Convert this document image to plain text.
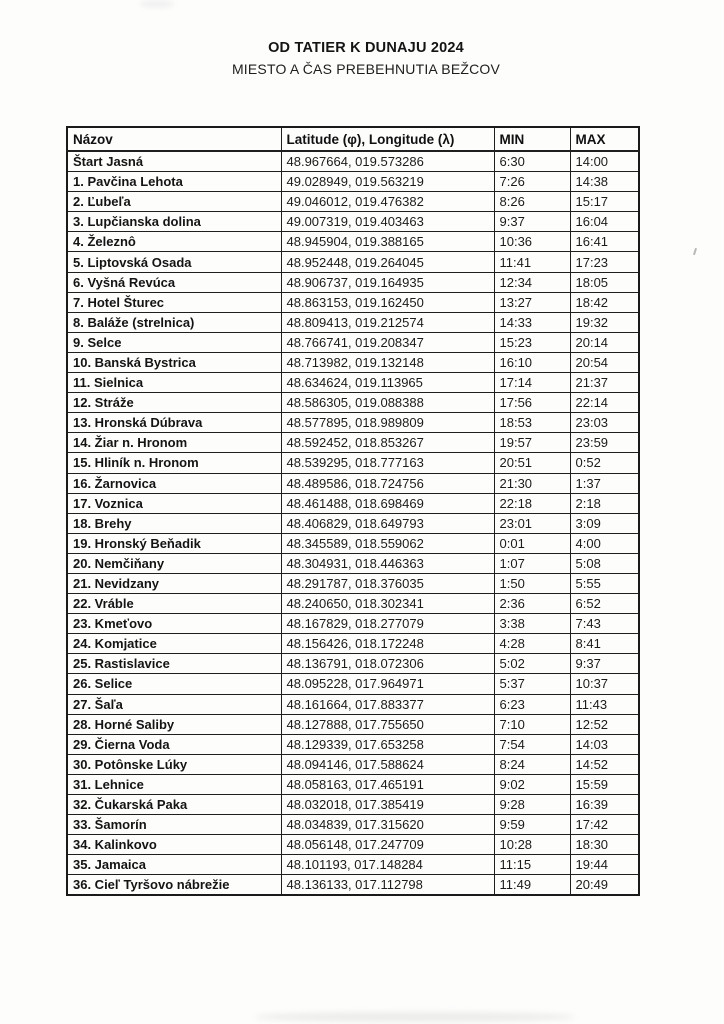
OD TATIER K DUNAJU 2024
MIESTO A ČAS PREBEHNUTIA BEŽCOV
Názov	Latitude (φ), Longitude (λ)	MIN	MAX
Štart Jasná	48.967664, 019.573286	6:30	14:00
1. Pavčina Lehota	49.028949, 019.563219	7:26	14:38
2. Ľubeľa	49.046012, 019.476382	8:26	15:17
3. Lupčianska dolina	49.007319, 019.403463	9:37	16:04
4. Železnô	48.945904, 019.388165	10:36	16:41
5. Liptovská Osada	48.952448, 019.264045	11:41	17:23
6. Vyšná Revúca	48.906737, 019.164935	12:34	18:05
7. Hotel Šturec	48.863153, 019.162450	13:27	18:42
8. Baláže (strelnica)	48.809413, 019.212574	14:33	19:32
9. Selce	48.766741, 019.208347	15:23	20:14
10. Banská Bystrica	48.713982, 019.132148	16:10	20:54
11. Sielnica	48.634624, 019.113965	17:14	21:37
12. Stráže	48.586305, 019.088388	17:56	22:14
13. Hronská Dúbrava	48.577895, 018.989809	18:53	23:03
14. Žiar n. Hronom	48.592452, 018.853267	19:57	23:59
15. Hliník n. Hronom	48.539295, 018.777163	20:51	0:52
16. Žarnovica	48.489586, 018.724756	21:30	1:37
17. Voznica	48.461488, 018.698469	22:18	2:18
18. Brehy	48.406829, 018.649793	23:01	3:09
19. Hronský Beňadik	48.345589, 018.559062	0:01	4:00
20. Nemčiňany	48.304931, 018.446363	1:07	5:08
21. Nevidzany	48.291787, 018.376035	1:50	5:55
22. Vráble	48.240650, 018.302341	2:36	6:52
23. Kmeťovo	48.167829, 018.277079	3:38	7:43
24. Komjatice	48.156426, 018.172248	4:28	8:41
25. Rastislavice	48.136791, 018.072306	5:02	9:37
26. Selice	48.095228, 017.964971	5:37	10:37
27. Šaľa	48.161664, 017.883377	6:23	11:43
28. Horné Saliby	48.127888, 017.755650	7:10	12:52
29. Čierna Voda	48.129339, 017.653258	7:54	14:03
30. Potônske Lúky	48.094146, 017.588624	8:24	14:52
31. Lehnice	48.058163, 017.465191	9:02	15:59
32. Čukarská Paka	48.032018, 017.385419	9:28	16:39
33. Šamorín	48.034839, 017.315620	9:59	17:42
34. Kalinkovo	48.056148, 017.247709	10:28	18:30
35. Jamaica	48.101193, 017.148284	11:15	19:44
36. Cieľ Tyršovo nábrežie	48.136133, 017.112798	11:49	20:49
